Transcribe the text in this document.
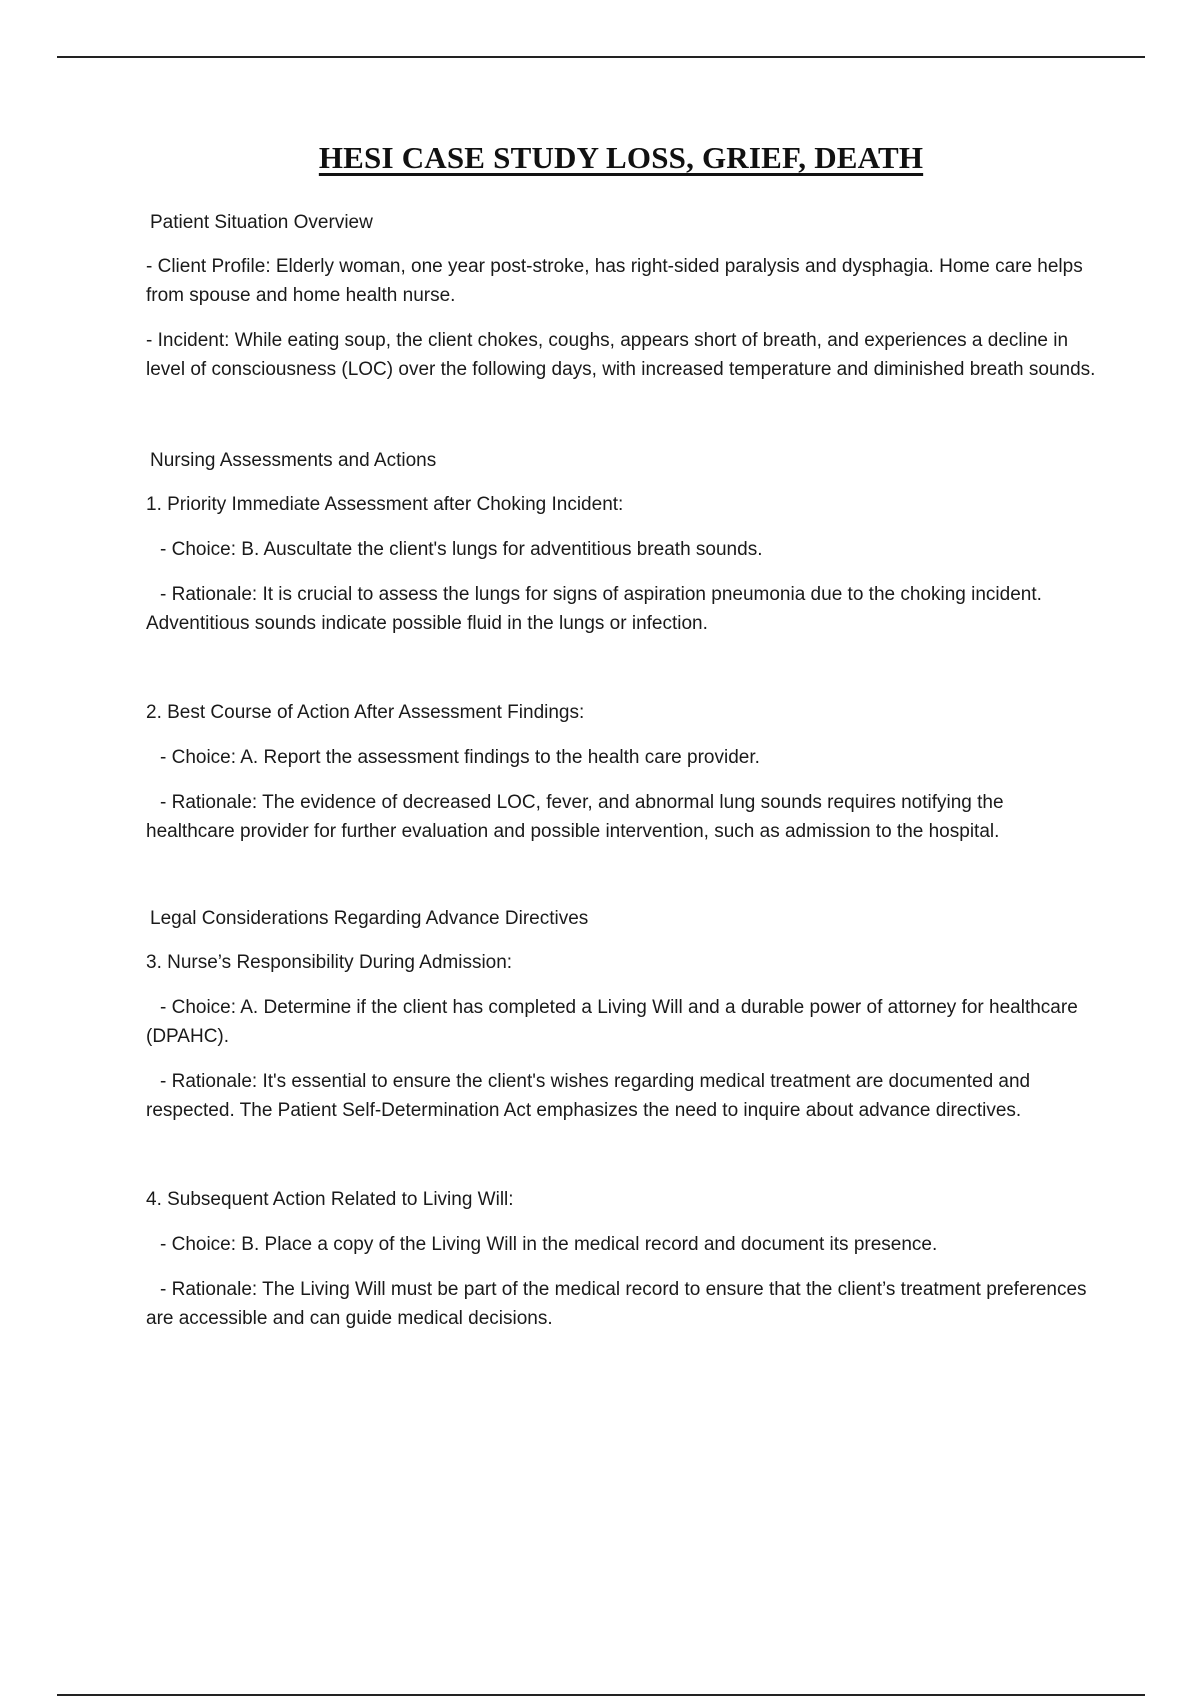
HESI CASE STUDY LOSS, GRIEF, DEATH

Patient Situation Overview

- Client Profile: Elderly woman, one year post-stroke, has right-sided paralysis and dysphagia. Home care helps from spouse and home health nurse.

- Incident: While eating soup, the client chokes, coughs, appears short of breath, and experiences a decline in level of consciousness (LOC) over the following days, with increased temperature and diminished breath sounds.

Nursing Assessments and Actions

1. Priority Immediate Assessment after Choking Incident:

- Choice: B. Auscultate the client's lungs for adventitious breath sounds.

- Rationale: It is crucial to assess the lungs for signs of aspiration pneumonia due to the choking incident. Adventitious sounds indicate possible fluid in the lungs or infection.

2. Best Course of Action After Assessment Findings:

- Choice: A. Report the assessment findings to the health care provider.

- Rationale: The evidence of decreased LOC, fever, and abnormal lung sounds requires notifying the healthcare provider for further evaluation and possible intervention, such as admission to the hospital.

Legal Considerations Regarding Advance Directives

3. Nurse’s Responsibility During Admission:

- Choice: A. Determine if the client has completed a Living Will and a durable power of attorney for healthcare (DPAHC).

- Rationale: It's essential to ensure the client's wishes regarding medical treatment are documented and respected. The Patient Self-Determination Act emphasizes the need to inquire about advance directives.

4. Subsequent Action Related to Living Will:

- Choice: B. Place a copy of the Living Will in the medical record and document its presence.

- Rationale: The Living Will must be part of the medical record to ensure that the client’s treatment preferences are accessible and can guide medical decisions.
